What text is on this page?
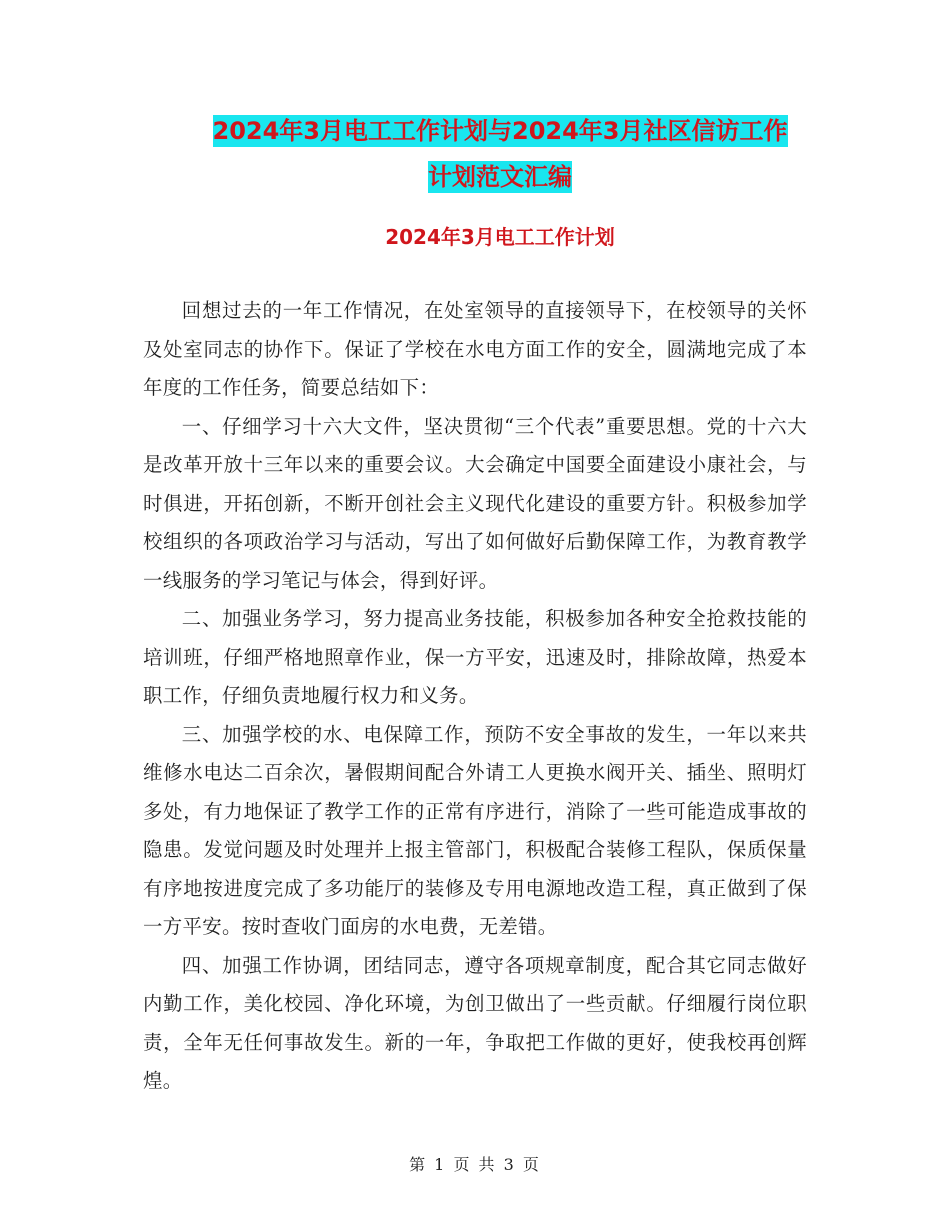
2024年3月电工工作计划与2024年3月社区信访工作
计划范文汇编
2024年3月电工工作计划

回想过去的一年工作情况，在处室领导的直接领导下，在校领导的关怀及处室同志的协作下。保证了学校在水电方面工作的安全，圆满地完成了本年度的工作任务，简要总结如下：

一、仔细学习十六大文件，坚决贯彻“三个代表”重要思想。党的十六大是改革开放十三年以来的重要会议。大会确定中国要全面建设小康社会，与时俱进，开拓创新，不断开创社会主义现代化建设的重要方针。积极参加学校组织的各项政治学习与活动，写出了如何做好后勤保障工作，为教育教学一线服务的学习笔记与体会，得到好评。

二、加强业务学习，努力提高业务技能，积极参加各种安全抢救技能的培训班，仔细严格地照章作业，保一方平安，迅速及时，排除故障，热爱本职工作，仔细负责地履行权力和义务。

三、加强学校的水、电保障工作，预防不安全事故的发生，一年以来共维修水电达二百余次，暑假期间配合外请工人更换水阀开关、插坐、照明灯多处，有力地保证了教学工作的正常有序进行，消除了一些可能造成事故的隐患。发觉问题及时处理并上报主管部门，积极配合装修工程队，保质保量有序地按进度完成了多功能厅的装修及专用电源地改造工程，真正做到了保一方平安。按时查收门面房的水电费，无差错。

四、加强工作协调，团结同志，遵守各项规章制度，配合其它同志做好内勤工作，美化校园、净化环境，为创卫做出了一些贡献。仔细履行岗位职责，全年无任何事故发生。新的一年，争取把工作做的更好，使我校再创辉煌。

第 1 页 共 3 页
